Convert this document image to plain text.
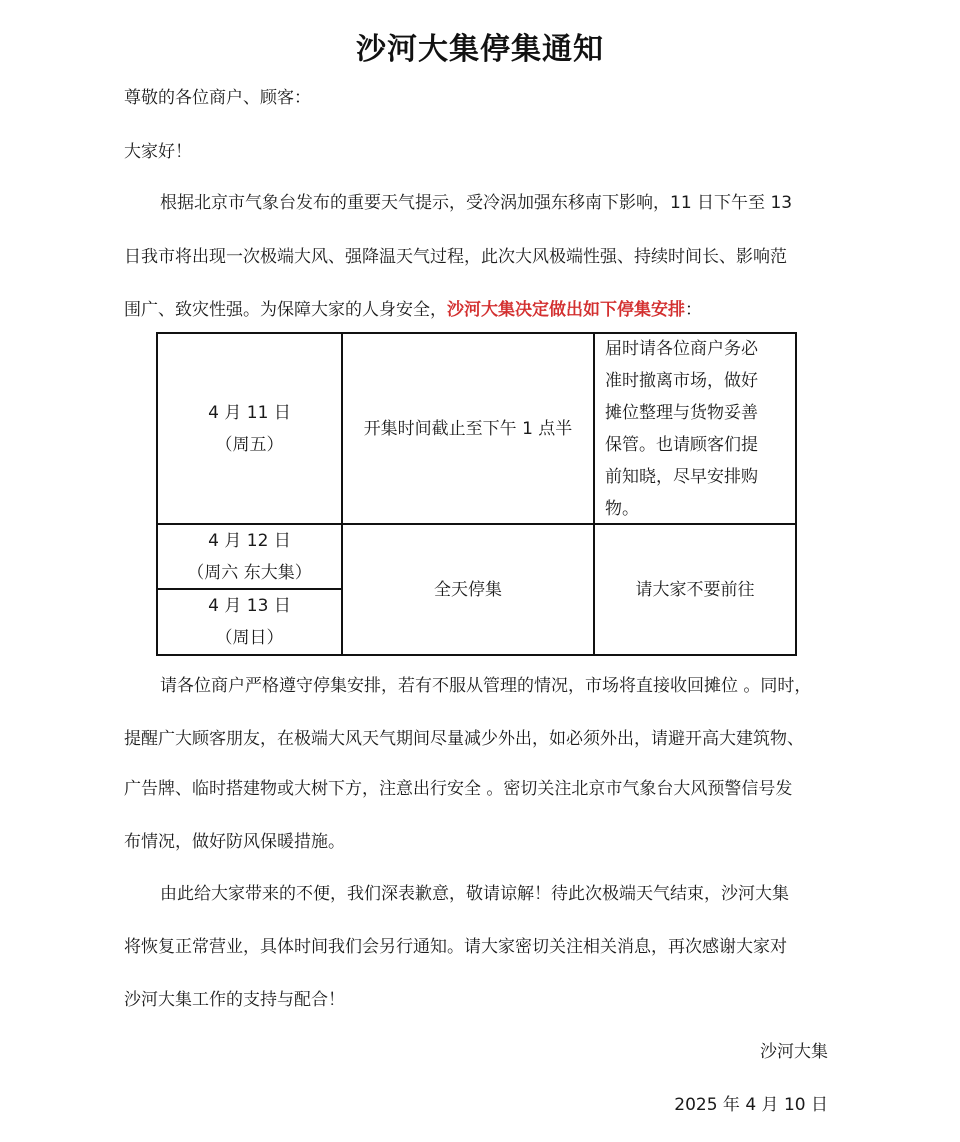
沙河大集停集通知
尊敬的各位商户、顾客：
大家好！
根据北京市气象台发布的重要天气提示，受冷涡加强东移南下影响，11 日下午至 13
日我市将出现一次极端大风、强降温天气过程，此次大风极端性强、持续时间长、影响范
围广、致灾性强。为保障大家的人身安全，沙河大集决定做出如下停集安排：
4 月 11 日
（周五）
开集时间截止至下午 1 点半
届时请各位商户务必
准时撤离市场，做好
摊位整理与货物妥善
保管。也请顾客们提
前知晓，尽早安排购
物。
4 月 12 日
（周六 东大集）
4 月 13 日
（周日）
全天停集	请大家不要前往
请各位商户严格遵守停集安排，若有不服从管理的情况，市场将直接收回摊位 。同时，
提醒广大顾客朋友，在极端大风天气期间尽量减少外出，如必须外出，请避开高大建筑物、
广告牌、临时搭建物或大树下方，注意出行安全 。密切关注北京市气象台大风预警信号发
布情况，做好防风保暖措施。
由此给大家带来的不便，我们深表歉意，敬请谅解！待此次极端天气结束，沙河大集
将恢复正常营业，具体时间我们会另行通知。请大家密切关注相关消息，再次感谢大家对
沙河大集工作的支持与配合！
沙河大集
2025 年 4 月 10 日
